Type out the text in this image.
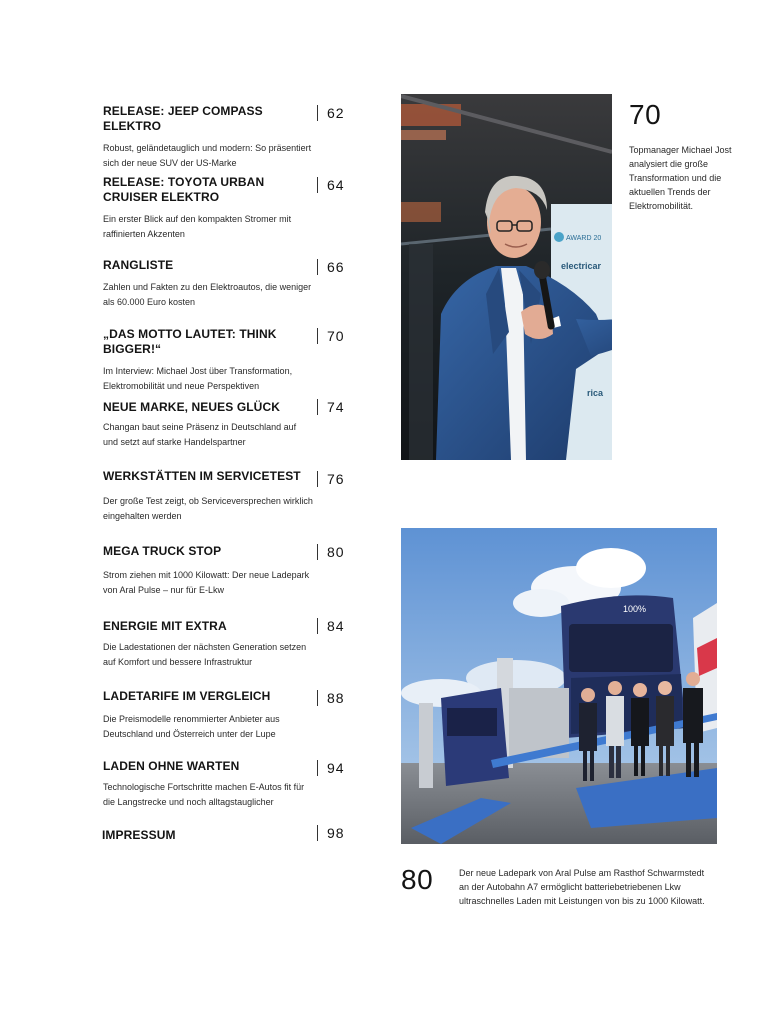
RELEASE: JEEP COMPASS ELEKTRO
Robust, geländetauglich und modern: So präsentiert sich der neue SUV der US-Marke
62
RELEASE: TOYOTA URBAN CRUISER ELEKTRO
Ein erster Blick auf den kompakten Stromer mit raffinierten Akzenten
64
RANGLISTE
Zahlen und Fakten zu den Elektroautos, die weniger als 60.000 Euro kosten
66
„DAS MOTTO LAUTET: THINK BIGGER!“
Im Interview: Michael Jost über Transformation, Elektromobilität und neue Perspektiven
70
NEUE MARKE, NEUES GLÜCK
Changan baut seine Präsenz in Deutschland auf und setzt auf starke Handelspartner
74
WERKSTÄTTEN IM SERVICETEST
Der große Test zeigt, ob Serviceversprechen wirklich eingehalten werden
76
MEGA TRUCK STOP
Strom ziehen mit 1000 Kilowatt: Der neue Ladepark von Aral Pulse – nur für E-Lkw
80
ENERGIE MIT EXTRA
Die Ladestationen der nächsten Generation setzen auf Komfort und bessere Infrastruktur
84
LADETARIFE IM VERGLEICH
Die Preismodelle renommierter Anbieter aus Deutschland und Österreich unter der Lupe
88
LADEN OHNE WARTEN
Technologische Fortschritte machen E-Autos fit für die Langstrecke und noch alltagstauglicher
94
IMPRESSUM	98
AWARD 20
electricar
rica
70
Topmanager Michael Jost analysiert die große Transformation und die aktuellen Trends der Elektromobilität.
100%
80	Der neue Ladepark von Aral Pulse am Rasthof Schwarmstedt an der Autobahn A7 ermöglicht batteriebetriebenen Lkw ultraschnelles Laden mit Leistungen von bis zu 1000 Kilowatt.
